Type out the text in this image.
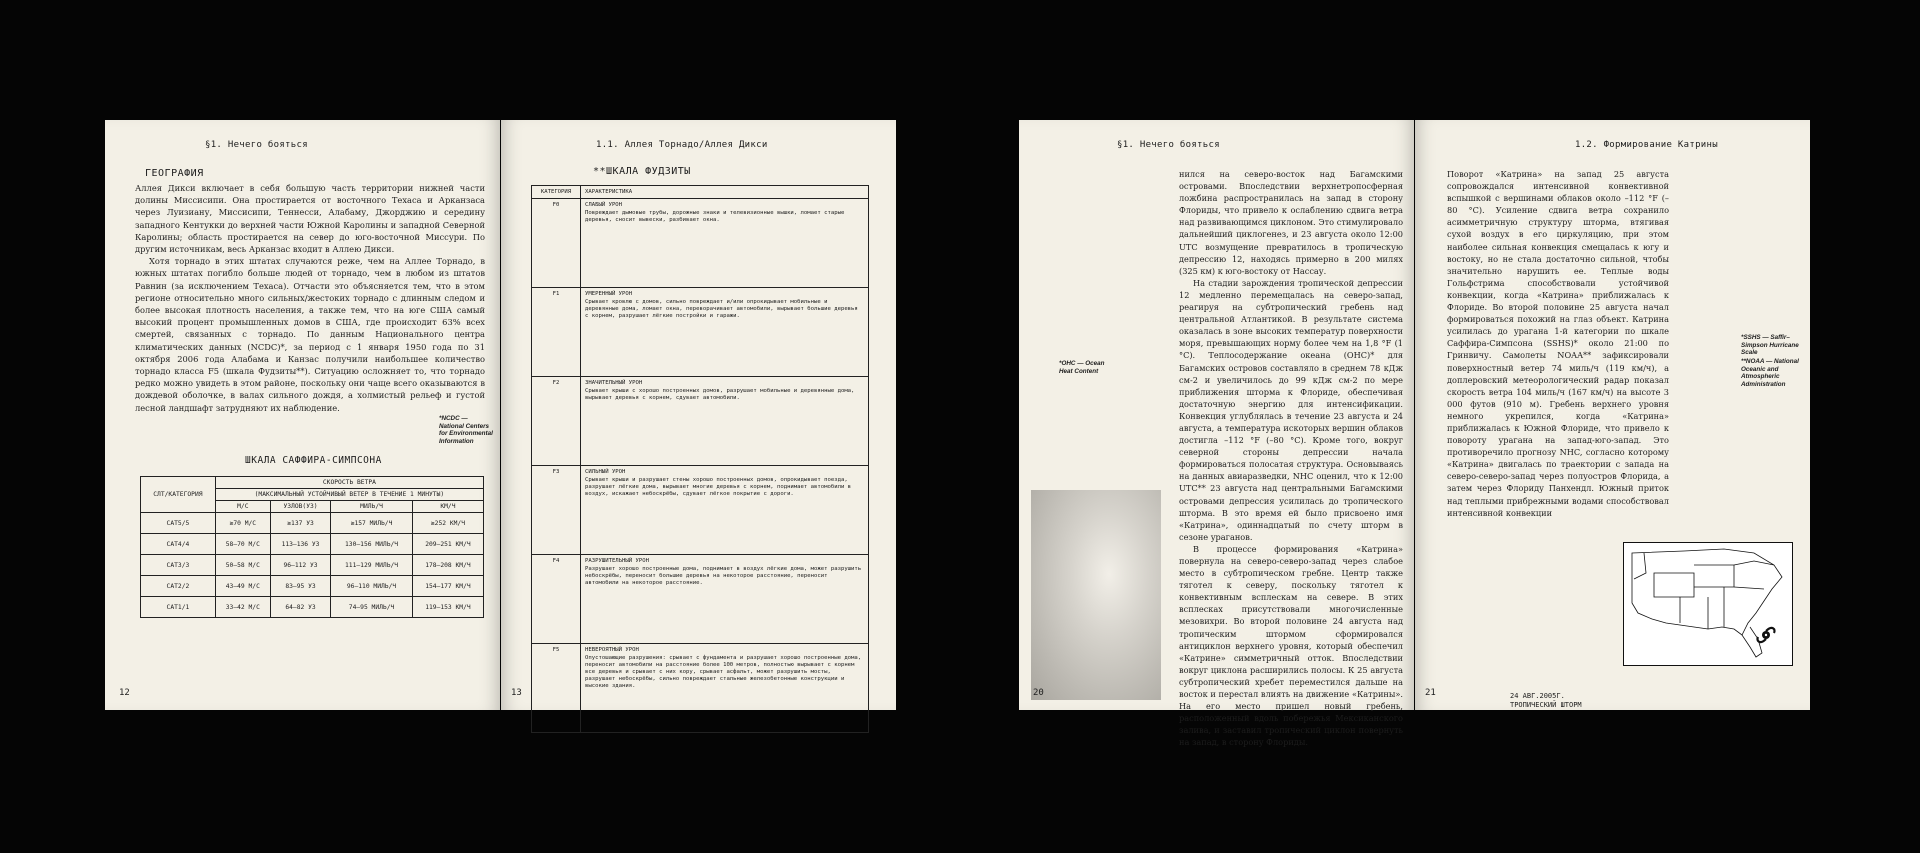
§1. Нечего бояться
ГЕОГРАФИЯ

Аллея Дикси включает в себя большую часть территории нижней части долины Миссисипи. Она простирается от восточного Техаса и Арканзаса через Луизиану, Миссисипи, Теннесси, Алабаму, Джорджию и середину западного Кентукки до верхней части Южной Каролины и западной Северной Каролины; область простирается на север до юго-восточной Миссури. По другим источникам, весь Арканзас входит в Аллею Дикси.

Хотя торнадо в этих штатах случаются реже, чем на Аллее Торнадо, в южных штатах погибло больше людей от торнадо, чем в любом из штатов Равнин (за исключением Техаса). Отчасти это объясняется тем, что в этом регионе относительно много сильных/жестоких торнадо с длинным следом и более высокая плотность населения, а также тем, что на юге США самый высокий процент промышленных домов в США, где происходит 63% всех смертей, связанных с торнадо. По данным Национального центра климатических данных (NCDC)*, за период с 1 января 1950 года по 31 октября 2006 года Алабама и Канзас получили наибольшее количество торнадо класса F5 (шкала Фудзиты**). Ситуацию осложняет то, что торнадо редко можно увидеть в этом районе, поскольку они чаще всего оказываются в дождевой оболочке, в валах сильного дождя, а холмистый рельеф и густой лесной ландшафт затрудняют их наблюдение.

*NCDC — National Centers for Environmental Information
ШКАЛА САФФИРА-СИМПСОНА
СЛТ/КАТЕГОРИЯ	СКОРОСТЬ ВЕТРА			
	(МАКСИМАЛЬНЫЙ УСТОЙЧИВЫЙ ВЕТЕР В ТЕЧЕНИЕ 1 МИНУТЫ)			
	М/С	УЗЛОВ(УЗ)	МИЛЬ/Ч	КМ/Ч
CAT5/5	≥70 М/С	≥137 УЗ	≥157 МИЛЬ/Ч	≥252 КМ/Ч
CAT4/4	58–70 М/С	113–136 УЗ	130–156 МИЛЬ/Ч	209–251 КМ/Ч
CAT3/3	50–58 М/С	96–112 УЗ	111–129 МИЛЬ/Ч	178–208 КМ/Ч
CAT2/2	43–49 М/С	83–95 УЗ	96–110 МИЛЬ/Ч	154–177 КМ/Ч
CAT1/1	33–42 М/С	64–82 УЗ	74–95 МИЛЬ/Ч	119–153 КМ/Ч
12
1.1. Аллея Торнадо/Аллея Дикси
**ШКАЛА ФУДЗИТЫ
КАТЕГОРИЯ	ХАРАКТЕРИСТИКА
F0	СЛАБЫЙ УРОН
Повреждает дымовые трубы, дорожные знаки и телевизионные вышки, ломает старые деревья, сносит вывески, разбивает окна.
F1	УМЕРЕННЫЙ УРОН
Срывает кровлю с домов, сильно повреждает и/или опрокидывает мобильные и деревянные дома, ломает окна, переворачивает автомобили, вырывает большие деревья с корнем, разрушает лёгкие постройки и гаражи.
F2	ЗНАЧИТЕЛЬНЫЙ УРОН
Срывает крыши с хорошо построенных домов, разрушает мобильные и деревянные дома, вырывает деревья с корнем, сдувает автомобили.
F3	СИЛЬНЫЙ УРОН
Срывает крыши и разрушает стены хорошо построенных домов, опрокидывает поезда, разрушает лёгкие дома, вырывает многие деревья с корнем, поднимает автомобили в воздух, искажает небоскрёбы, сдувает лёгкое покрытие с дороги.
F4	РАЗРУШИТЕЛЬНЫЙ УРОН
Разрушает хорошо построенные дома, поднимает в воздух лёгкие дома, может разрушить небоскрёбы, переносит большие деревья на некоторое расстояние, переносит автомобили на некоторое расстояние.
F5	НЕВЕРОЯТНЫЙ УРОН
Опустошающие разрушения: срывает с фундамента и разрушает хорошо построенные дома, переносит автомобили на расстояние более 100 метров, полностью вырывает с корнем все деревья и срывает с них кору, срывает асфальт, может разрушить мосты, разрушает небоскрёбы, сильно повреждает стальные железобетонные конструкции и высокие здания.
13
§1. Нечего бояться
*OHC — Ocean Heat Content

нился на северо-восток над Багамскими островами. Впоследствии верхнетропосферная ложбина распространилась на запад в сторону Флориды, что привело к ослаблению сдвига ветра над развивающимся циклоном. Это стимулировало дальнейший циклогенез, и 23 августа около 12:00 UTC возмущение превратилось в тропическую депрессию 12, находясь примерно в 200 милях (325 км) к юго-востоку от Нассау.

На стадии зарождения тропической депрессии 12 медленно перемещалась на северо-запад, реагируя на субтропический гребень над центральной Атлантикой. В результате система оказалась в зоне высоких температур поверхности моря, превышающих норму более чем на 1,8 °F (1 °C). Теплосодержание океана (OHC)* для Багамских островов составляло в среднем 78 кДж см-2 и увеличилось до 99 кДж см-2 по мере приближения шторма к Флориде, обеспечивая достаточную энергию для интенсификации. Конвекция углублялась в течение 23 августа и 24 августа, а температура искоторых вершин облаков достигла –112 °F (–80 °C). Кроме того, вокруг северной стороны депрессии начала формироваться полосатая структура. Основываясь на данных авиаразведки, NHC оценил, что к 12:00 UTC** 23 августа над центральными Багамскими островами депрессия усилилась до тропического шторма. В это время ей было присвоено имя «Катрина», одиннадцатый по счету шторм в сезоне ураганов.

В процессе формирования «Катрина» повернула на северо-северо-запад через слабое место в субтропическом гребне. Центр также тяготел к северу, поскольку тяготел к конвективным всплескам на севере. В этих всплесках присутствовали многочисленные мезовихри. Во второй половине 24 августа над тропическим штормом сформировался антициклон верхнего уровня, который обеспечил «Катрине» симметричный отток. Впоследствии вокруг циклона расширились полосы. К 25 августа субтропический хребет переместился дальше на восток и перестал влиять на движение «Катрины». На его место пришел новый гребень, расположенный вдоль побережья Мексиканского залива, и заставил тропический циклон повернуть на запад, в сторону Флориды.

20
1.2. Формирование Катрины

Поворот «Катрина» на запад 25 августа сопровождался интенсивной конвективной вспышкой с вершинами облаков около –112 °F (–80 °C). Усиление сдвига ветра сохранило асимметричную структуру шторма, втягивая сухой воздух в его циркуляцию, при этом наиболее сильная конвекция смещалась к югу и востоку, но не стала достаточно сильной, чтобы значительно нарушить ее. Теплые воды Гольфстрима способствовали устойчивой конвекции, когда «Катрина» приближалась к Флориде. Во второй половине 25 августа начал формироваться похожий на глаз объект. Катрина усилилась до урагана 1-й категории по шкале Саффира-Симпсона (SSHS)* около 21:00 по Гринвичу. Самолеты NOAA** зафиксировали поверхностный ветер 74 миль/ч (119 км/ч), а доплеровский метеорологический радар показал скорость ветра 104 миль/ч (167 км/ч) на высоте 3 000 футов (910 м). Гребень верхнего уровня немного укрепился, когда «Катрина» приближалась к Южной Флориде, что привело к повороту урагана на запад-юго-запад. Это противоречило прогнозу NHC, согласно которому «Катрина» двигалась по траектории с запада на северо-северо-запад через полуостров Флорида, а затем через Флориду Панхендл. Южный приток над теплыми прибрежными водами способствовал интенсивной конвекции

*SSHS — Saffir–Simpson Hurricane Scale
**NOAA — National Oceanic and Atmospheric Administration
24 АВГ.2005Г.
ТРОПИЧЕСКИЙ ШТОРМ
21
